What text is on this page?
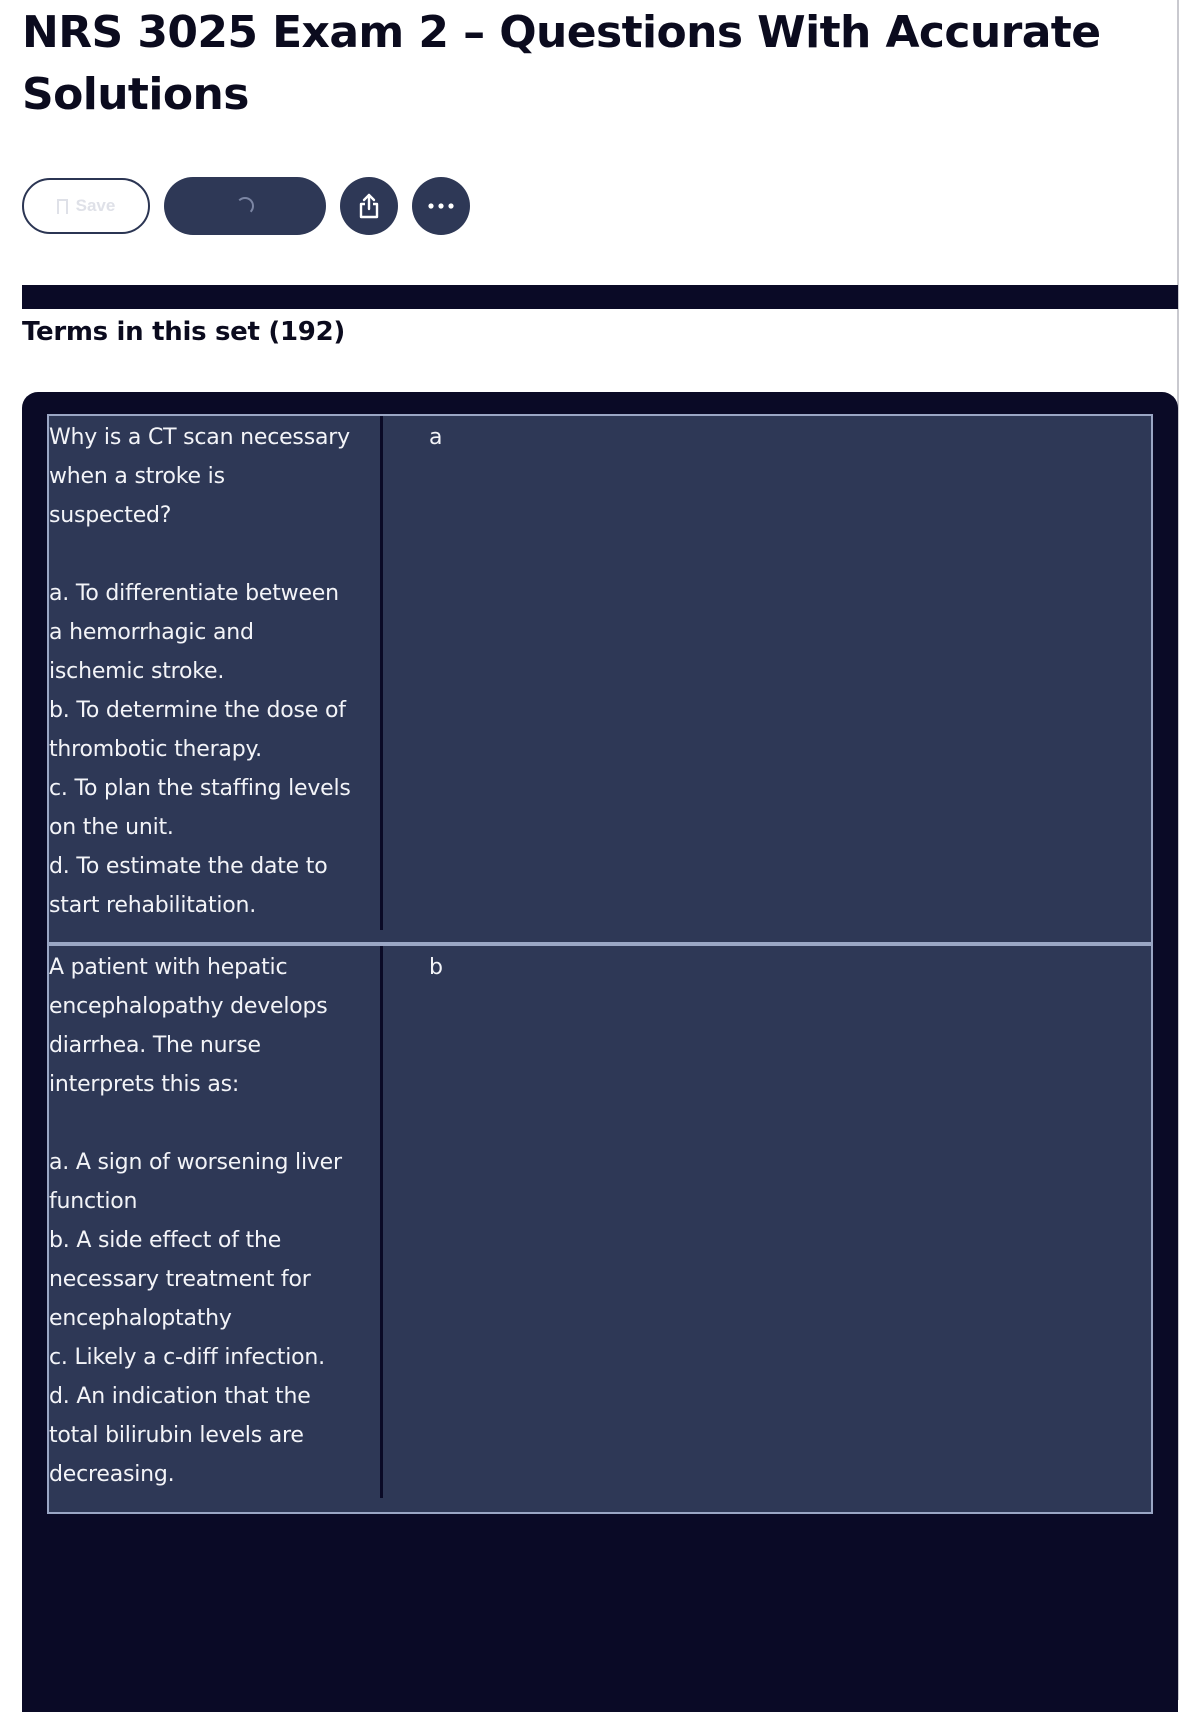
NRS 3025 Exam 2 – Questions With Accurate Solutions
Save
Terms in this set (192)

Why is a CT scan necessary
when a stroke is
suspected?

a. To differentiate between
a hemorrhagic and
ischemic stroke.
b. To determine the dose of
thrombotic therapy.
c. To plan the staffing levels
on the unit.
d. To estimate the date to
start rehabilitation.

a

A patient with hepatic
encephalopathy develops
diarrhea. The nurse
interprets this as:

a. A sign of worsening liver
function
b. A side effect of the
necessary treatment for
encephaloptathy
c. Likely a c-diff infection.
d. An indication that the
total bilirubin levels are
decreasing.

b
